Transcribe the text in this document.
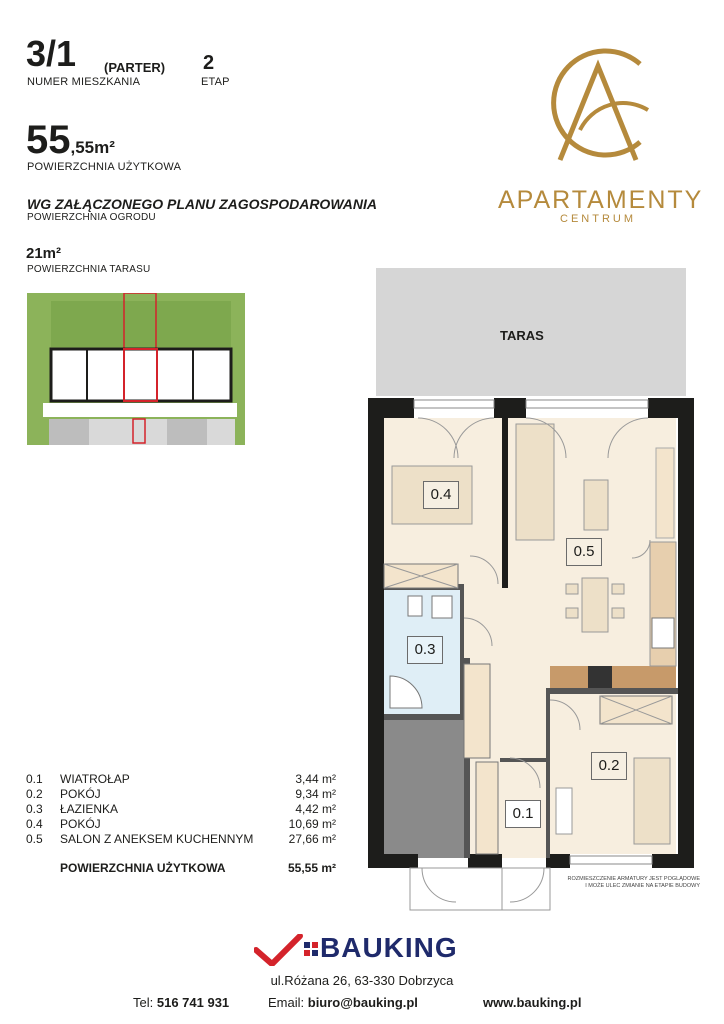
3/1 (PARTER)
NUMER MIESZKANIA
2
ETAP
55,55m²
POWIERZCHNIA UŻYTKOWA
WG ZAŁĄCZONEGO PLANU ZAGOSPODAROWANIA
POWIERZCHNIA OGRODU
21m²
POWIERZCHNIA TARASU
APARTAMENTY
CENTRUM
TARAS
0.4
0.5
0.3
0.2
0.1
ROZMIESZCZENIE ARMATURY JEST POGLĄDOWE
I MOŻE ULEC ZMIANIE NA ETAPIE BUDOWY
0.1 WIATROŁAP	3,44 m²
0.2 POKÓJ	9,34 m²
0.3 ŁAZIENKA	4,42 m²
0.4 POKÓJ	10,69 m²
0.5 SALON Z ANEKSEM KUCHENNYM	27,66 m²
POWIERZCHNIA UŻYTKOWA	55,55 m²
BAUKING
ul.Różana 26, 63-330 Dobrzyca
Tel: 516 741 931	Email: biuro@bauking.pl	www.bauking.pl
